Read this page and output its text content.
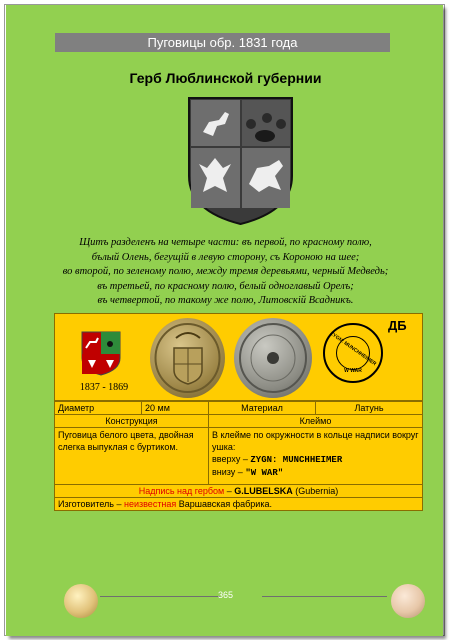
Пуговицы обр. 1831 года
Герб Люблинской губернии
Щитъ разделенъ на четыре части: въ первой, по красному полю,
бълый Олень, бегущiй в левую сторону, съ Короною на шее;
во второй, по зеленому полю, между тремя деревьями, черный Медведь;
въ третьей, по красному полю, белый одноглавый Орелъ;
въ четвертой, по такому же полю, Литовскiй Всадникъ.
1837 - 1869
ZYGN: MUNCHHEIMER
W WAR
ДБ
Диаметр	20 мм	Материал	Латунь
Конструкция		Клеймо	
Пуговица белого цвета, двойная слегка выпуклая с буртиком.		В клейме по окружности в кольце надписи вокруг ушка:
вверху – ZYGN: MUNCHHEIMER
внизу – "W WAR"	
Надпись над гербом – G.LUBELSKA (Gubernia)			
Изготовитель – неизвестная Варшавская фабрика.			
365
